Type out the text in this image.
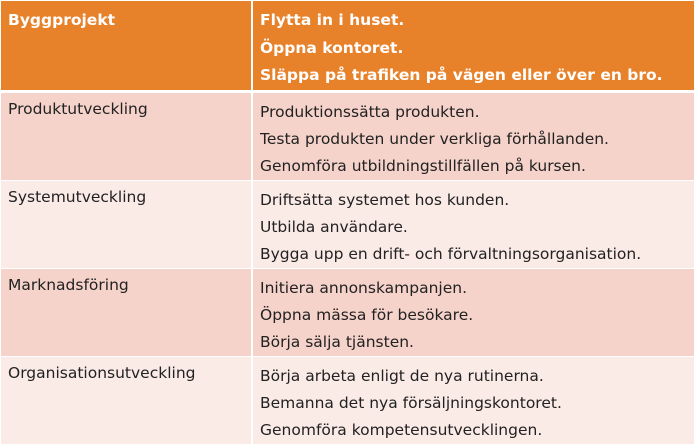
Byggprojekt	Flytta in i huset.
Öppna kontoret.
Släppa på trafiken på vägen eller över en bro.

Produktutveckling	Produktionssätta produkten.
Testa produkten under verkliga förhållanden.
Genomföra utbildningstillfällen på kursen.

Systemutveckling	Driftsätta systemet hos kunden.
Utbilda användare.
Bygga upp en drift- och förvaltningsorganisation.

Marknadsföring	Initiera annonskampanjen.
Öppna mässa för besökare.
Börja sälja tjänsten.

Organisationsutveckling	Börja arbeta enligt de nya rutinerna.
Bemanna det nya försäljningskontoret.
Genomföra kompetensutvecklingen.
